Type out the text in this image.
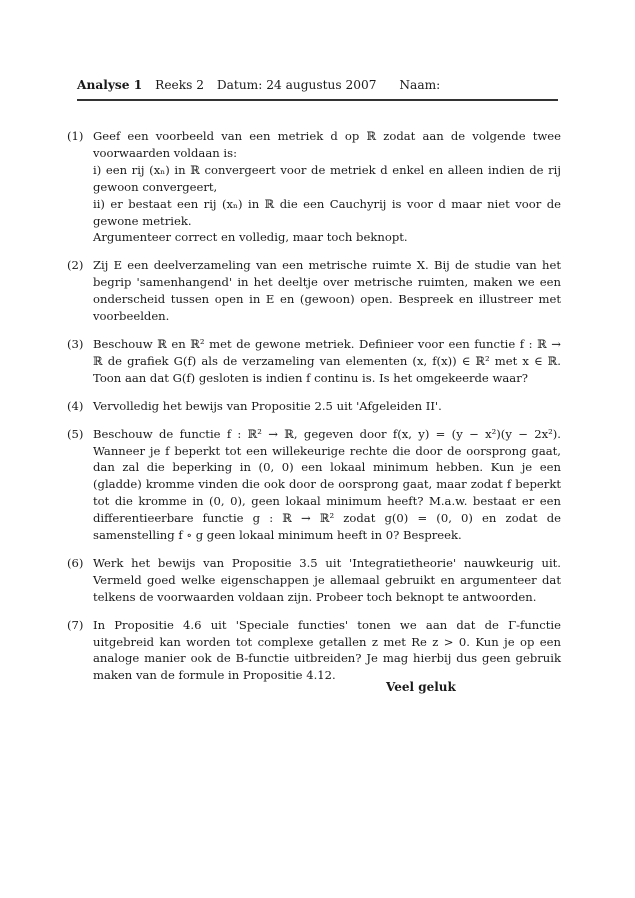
Analyse 1 Reeks 2 Datum: 24 augustus 2007 Naam:
(1) Geef een voorbeeld van een metriek d op ℝ zodat aan de volgende twee voorwaarden voldaan is:
i) een rij (xₙ) in ℝ convergeert voor de metriek d enkel en alleen indien de rij gewoon convergeert,
ii) er bestaat een rij (xₙ) in ℝ die een Cauchyrij is voor d maar niet voor de gewone metriek.
Argumenteer correct en volledig, maar toch beknopt.
(2) Zij E een deelverzameling van een metrische ruimte X. Bij de studie van het begrip 'samenhangend' in het deeltje over metrische ruimten, maken we een onderscheid tussen open in E en (gewoon) open. Bespreek en illustreer met voorbeelden.
(3) Beschouw ℝ en ℝ² met de gewone metriek. Definieer voor een functie f : ℝ → ℝ de grafiek G(f) als de verzameling van elementen (x, f(x)) ∈ ℝ² met x ∈ ℝ. Toon aan dat G(f) gesloten is indien f continu is. Is het omgekeerde waar?
(4) Vervolledig het bewijs van Propositie 2.5 uit 'Afgeleiden II'.
(5) Beschouw de functie f : ℝ² → ℝ, gegeven door f(x, y) = (y − x²)(y − 2x²). Wanneer je f beperkt tot een willekeurige rechte die door de oorsprong gaat, dan zal die beperking in (0, 0) een lokaal minimum hebben. Kun je een (gladde) kromme vinden die ook door de oorsprong gaat, maar zodat f beperkt tot die kromme in (0, 0), geen lokaal minimum heeft? M.a.w. bestaat er een differentieerbare functie g : ℝ → ℝ² zodat g(0) = (0, 0) en zodat de samenstelling f ∘ g geen lokaal minimum heeft in 0? Bespreek.
(6) Werk het bewijs van Propositie 3.5 uit 'Integratietheorie' nauwkeurig uit. Vermeld goed welke eigenschappen je allemaal gebruikt en argumenteer dat telkens de voorwaarden voldaan zijn. Probeer toch beknopt te antwoorden.
(7) In Propositie 4.6 uit 'Speciale functies' tonen we aan dat de Γ-functie uitgebreid kan worden tot complexe getallen z met Re z > 0. Kun je op een analoge manier ook de B-functie uitbreiden? Je mag hierbij dus geen gebruik maken van de formule in Propositie 4.12.
Veel geluk
